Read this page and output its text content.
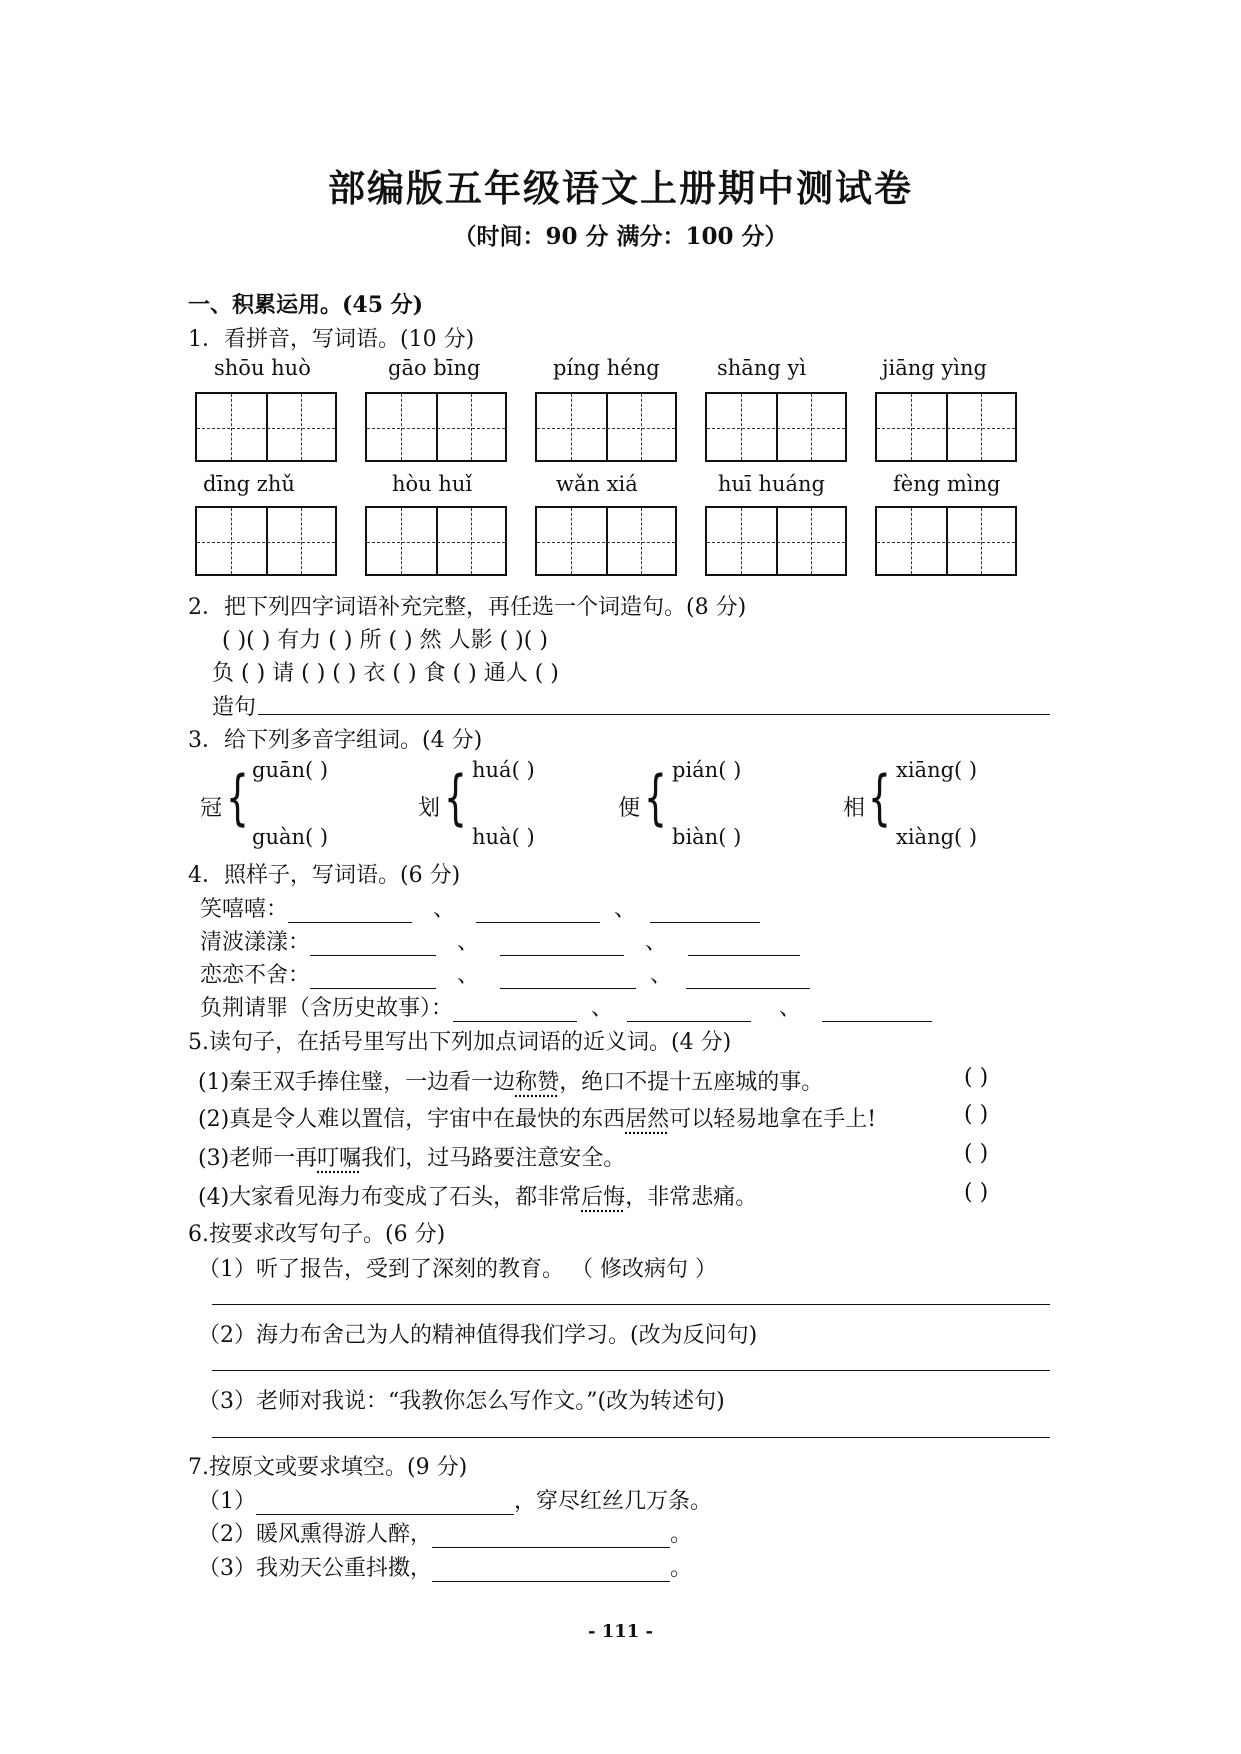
部编版五年级语文上册期中测试卷
（时间：90 分 满分：100 分）
一、积累运用。(45 分)
1．看拼音，写词语。(10 分)
shōu huò	gāo bīng	píng héng	shāng yì	jiāng yìng
dīng zhǔ	hòu huǐ	wǎn xiá	huī huáng	fèng mìng
2．把下列四字词语补充完整，再任选一个词造句。(8 分)
( )( ) 有力 ( ) 所 ( ) 然 人影 ( )( )
负 ( ) 请 ( ) ( ) 衣 ( ) 食 ( ) 通人 ( )
造句
3．给下列多音字组词。(4 分)
冠 { guān( )
guàn( )
划 { huá( )
huà( )
便 { pián( )
biàn( )
相 { xiāng( )
xiàng( )
4．照样子，写词语。(6 分)
笑嘻嘻：	、	、
清波漾漾：	、	、
恋恋不舍：	、	、
负荆请罪（含历史故事）：	、	、
5.读句子，在括号里写出下列加点词语的近义词。(4 分)
(1)秦王双手捧住璧，一边看一边称赞，绝口不提十五座城的事。	( )
(2)真是令人难以置信，宇宙中在最快的东西居然可以轻易地拿在手上!	( )
(3)老师一再叮嘱我们，过马路要注意安全。	( )
(4)大家看见海力布变成了石头，都非常后悔，非常悲痛。	( )
6.按要求改写句子。(6 分)
（1）听了报告，受到了深刻的教育。 （ 修改病句 ）
（2）海力布舍己为人的精神值得我们学习。(改为反问句)
（3）老师对我说：“我教你怎么写作文。”(改为转述句)
7.按原文或要求填空。(9 分)
（1）	，穿尽红丝几万条。
（2）暖风熏得游人醉，	。
（3）我劝天公重抖擞，	。
- 111 -
